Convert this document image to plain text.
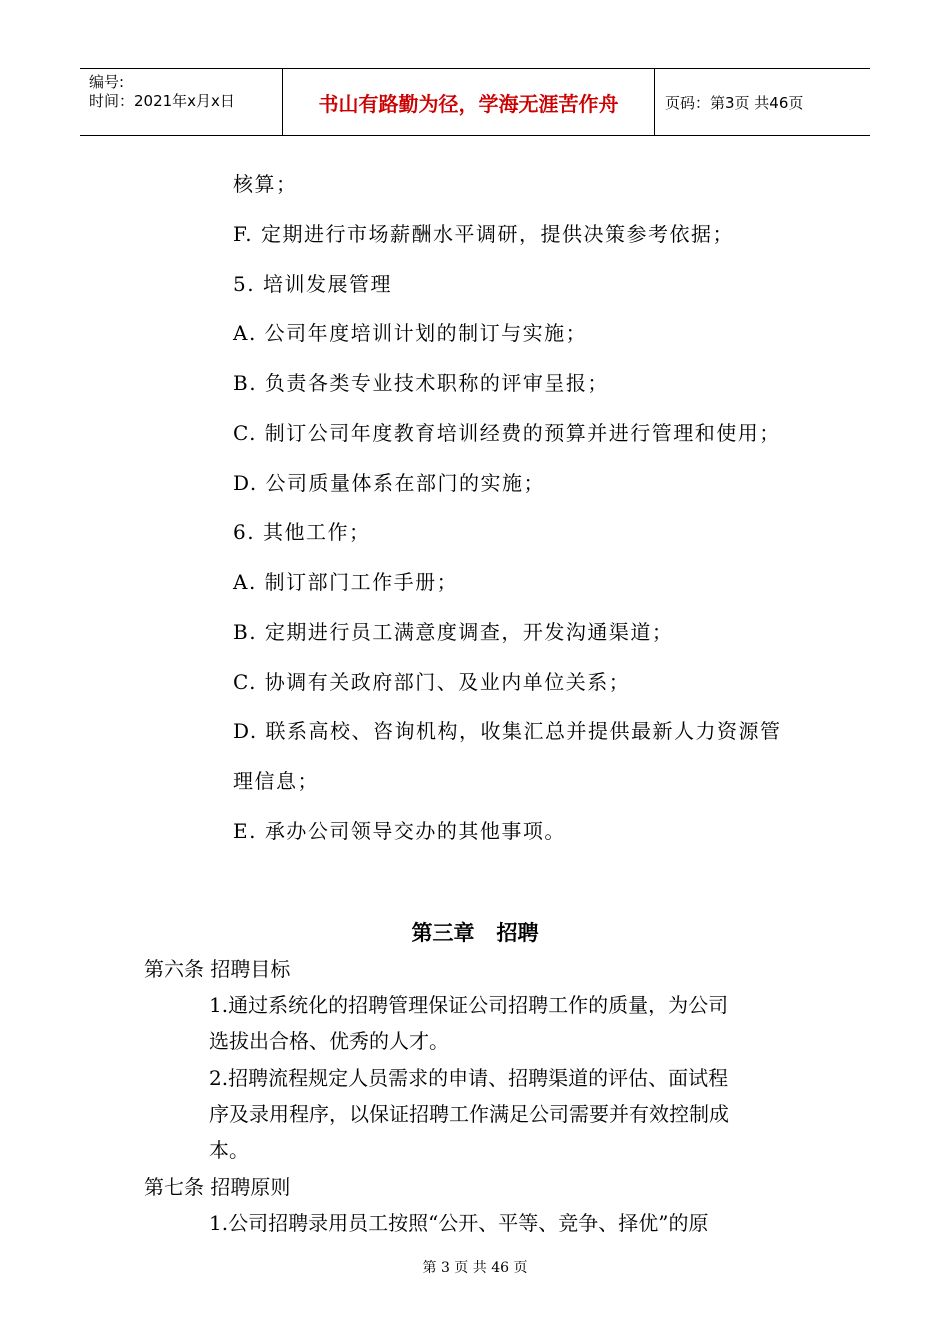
编号:
时间：2021年x月x日	书山有路勤为径，学海无涯苦作舟	页码：第3页 共46页
核算；
F. 定期进行市场薪酬水平调研，提供决策参考依据；
5. 培训发展管理
A. 公司年度培训计划的制订与实施；
B. 负责各类专业技术职称的评审呈报；
C. 制订公司年度教育培训经费的预算并进行管理和使用；
D. 公司质量体系在部门的实施；
6. 其他工作；
A. 制订部门工作手册；
B. 定期进行员工满意度调查，开发沟通渠道；
C. 协调有关政府部门、及业内单位关系；
D. 联系高校、咨询机构，收集汇总并提供最新人力资源管
理信息；
E. 承办公司领导交办的其他事项。
第三章   招聘
第六条 招聘目标
1.通过系统化的招聘管理保证公司招聘工作的质量，为公司
选拔出合格、优秀的人才。
2.招聘流程规定人员需求的申请、招聘渠道的评估、面试程
序及录用程序，以保证招聘工作满足公司需要并有效控制成
本。
第七条 招聘原则
1.公司招聘录用员工按照“公开、平等、竞争、择优”的原
第 3 页 共 46 页
